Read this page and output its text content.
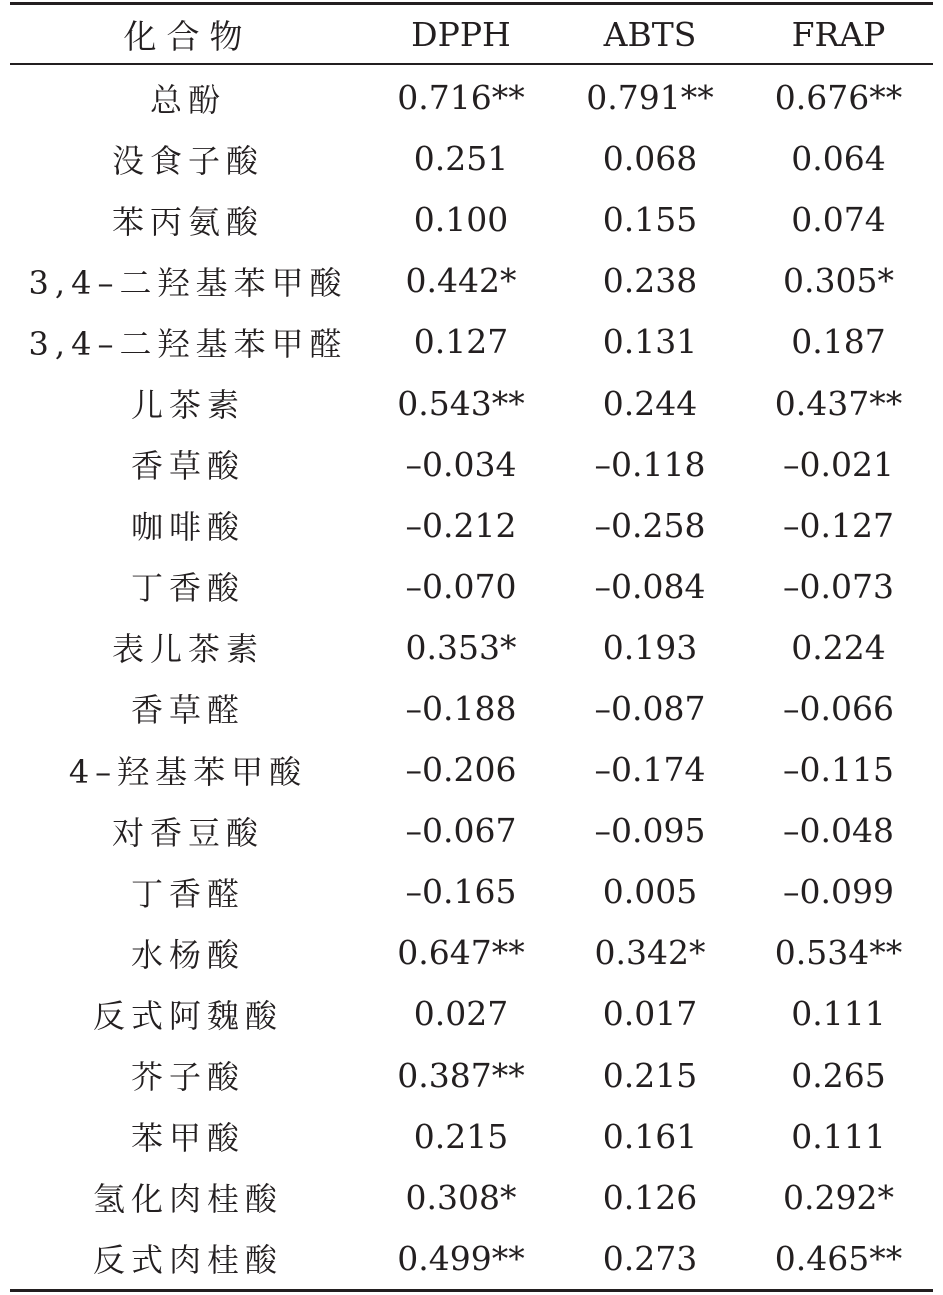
化合物	DPPH	ABTS	FRAP
总酚	0.716**	0.791**	0.676**
没食子酸	0.251	0.068	0.064
苯丙氨酸	0.100	0.155	0.074
3,4–二羟基苯甲酸	0.442*	0.238	0.305*
3,4–二羟基苯甲醛	0.127	0.131	0.187
儿茶素	0.543**	0.244	0.437**
香草酸	–0.034	–0.118	–0.021
咖啡酸	–0.212	–0.258	–0.127
丁香酸	–0.070	–0.084	–0.073
表儿茶素	0.353*	0.193	0.224
香草醛	–0.188	–0.087	–0.066
4–羟基苯甲酸	–0.206	–0.174	–0.115
对香豆酸	–0.067	–0.095	–0.048
丁香醛	–0.165	0.005	–0.099
水杨酸	0.647**	0.342*	0.534**
反式阿魏酸	0.027	0.017	0.111
芥子酸	0.387**	0.215	0.265
苯甲酸	0.215	0.161	0.111
氢化肉桂酸	0.308*	0.126	0.292*
反式肉桂酸	0.499**	0.273	0.465**
